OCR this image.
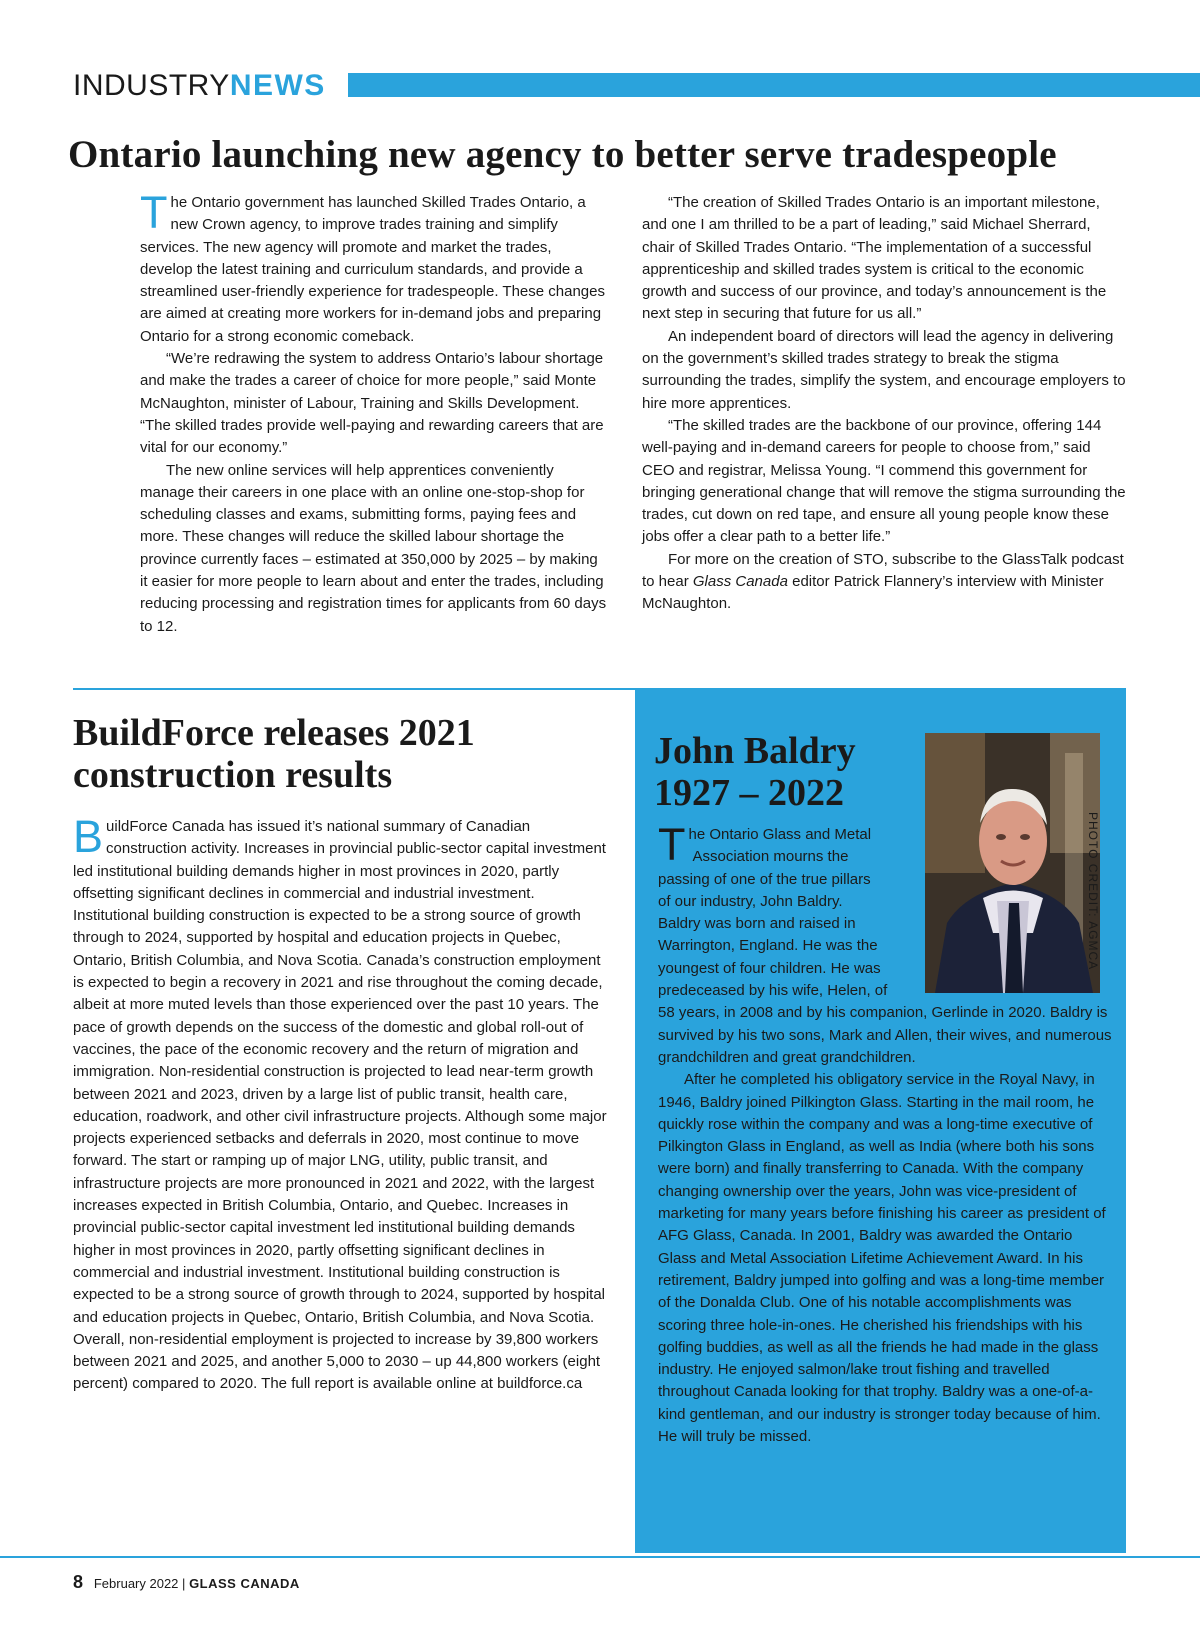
INDUSTRYNEWS
Ontario launching new agency to better serve tradespeople

The Ontario government has launched Skilled Trades Ontario, a new Crown agency, to improve trades training and simplify services. The new agency will promote and market the trades, develop the latest training and curriculum standards, and provide a streamlined user-friendly experience for tradespeople. These changes are aimed at creating more workers for in-demand jobs and preparing Ontario for a strong economic comeback.

“We’re redrawing the system to address Ontario’s labour shortage and make the trades a career of choice for more people,” said Monte McNaughton, minister of Labour, Training and Skills Development. “The skilled trades provide well-paying and rewarding careers that are vital for our economy.”

The new online services will help apprentices conveniently manage their careers in one place with an online one-stop-shop for scheduling classes and exams, submitting forms, paying fees and more. These changes will reduce the skilled labour shortage the province currently faces – estimated at 350,000 by 2025 – by making it easier for more people to learn about and enter the trades, including reducing processing and registration times for applicants from 60 days to 12.

“The creation of Skilled Trades Ontario is an important milestone, and one I am thrilled to be a part of leading,” said Michael Sherrard, chair of Skilled Trades Ontario. “The implementation of a successful apprenticeship and skilled trades system is critical to the economic growth and success of our province, and today’s announcement is the next step in securing that future for us all.”

An independent board of directors will lead the agency in delivering on the government’s skilled trades strategy to break the stigma surrounding the trades, simplify the system, and encourage employers to hire more apprentices.

“The skilled trades are the backbone of our province, offering 144 well-paying and in-demand careers for people to choose from,” said CEO and registrar, Melissa Young. “I commend this government for bringing generational change that will remove the stigma surrounding the trades, cut down on red tape, and ensure all young people know these jobs offer a clear path to a better life.”

For more on the creation of STO, subscribe to the GlassTalk podcast to hear Glass Canada editor Patrick Flannery’s interview with Minister McNaughton.

BuildForce releases 2021 construction results

BuildForce Canada has issued it’s national summary of Canadian construction activity. Increases in provincial public-sector capital investment led institutional building demands higher in most provinces in 2020, partly offsetting significant declines in commercial and industrial investment. Institutional building construction is expected to be a strong source of growth through to 2024, supported by hospital and education projects in Quebec, Ontario, British Columbia, and Nova Scotia. Canada’s construction employment is expected to begin a recovery in 2021 and rise throughout the coming decade, albeit at more muted levels than those experienced over the past 10 years. The pace of growth depends on the success of the domestic and global roll-out of vaccines, the pace of the economic recovery and the return of migration and immigration. Non-residential construction is projected to lead near-term growth between 2021 and 2023, driven by a large list of public transit, health care, education, roadwork, and other civil infrastructure projects. Although some major projects experienced setbacks and deferrals in 2020, most continue to move forward. The start or ramping up of major LNG, utility, public transit, and infrastructure projects are more pronounced in 2021 and 2022, with the largest increases expected in British Columbia, Ontario, and Quebec. Increases in provincial public-sector capital investment led institutional building demands higher in most provinces in 2020, partly offsetting significant declines in commercial and industrial investment. Institutional building construction is expected to be a strong source of growth through to 2024, supported by hospital and education projects in Quebec, Ontario, British Columbia, and Nova Scotia. Overall, non-residential employment is projected to increase by 39,800 workers between 2021 and 2025, and another 5,000 to 2030 – up 44,800 workers (eight percent) compared to 2020. The full report is available online at buildforce.ca

John Baldry
1927 – 2022
PHOTO CREDIT: AGMCA
The Ontario Glass and Metal
Association mourns the
passing of one of the true pillars
of our industry, John Baldry.
Baldry was born and raised in
Warrington, England. He was the
youngest of four children. He was
predeceased by his wife, Helen, of

58 years, in 2008 and by his companion, Gerlinde in 2020. Baldry is survived by his two sons, Mark and Allen, their wives, and numerous grandchildren and great grandchildren.

After he completed his obligatory service in the Royal Navy, in 1946, Baldry joined Pilkington Glass. Starting in the mail room, he quickly rose within the company and was a long-time executive of Pilkington Glass in England, as well as India (where both his sons were born) and finally transferring to Canada. With the company changing ownership over the years, John was vice-president of marketing for many years before finishing his career as president of AFG Glass, Canada. In 2001, Baldry was awarded the Ontario Glass and Metal Association Lifetime Achievement Award. In his retirement, Baldry jumped into golfing and was a long-time member of the Donalda Club. One of his notable accomplishments was scoring three hole-in-ones. He cherished his friendships with his golfing buddies, as well as all the friends he had made in the glass industry. He enjoyed salmon/lake trout fishing and travelled throughout Canada looking for that trophy. Baldry was a one-of-a-kind gentleman, and our industry is stronger today because of him. He will truly be missed.

8 February 2022 | GLASS CANADA
